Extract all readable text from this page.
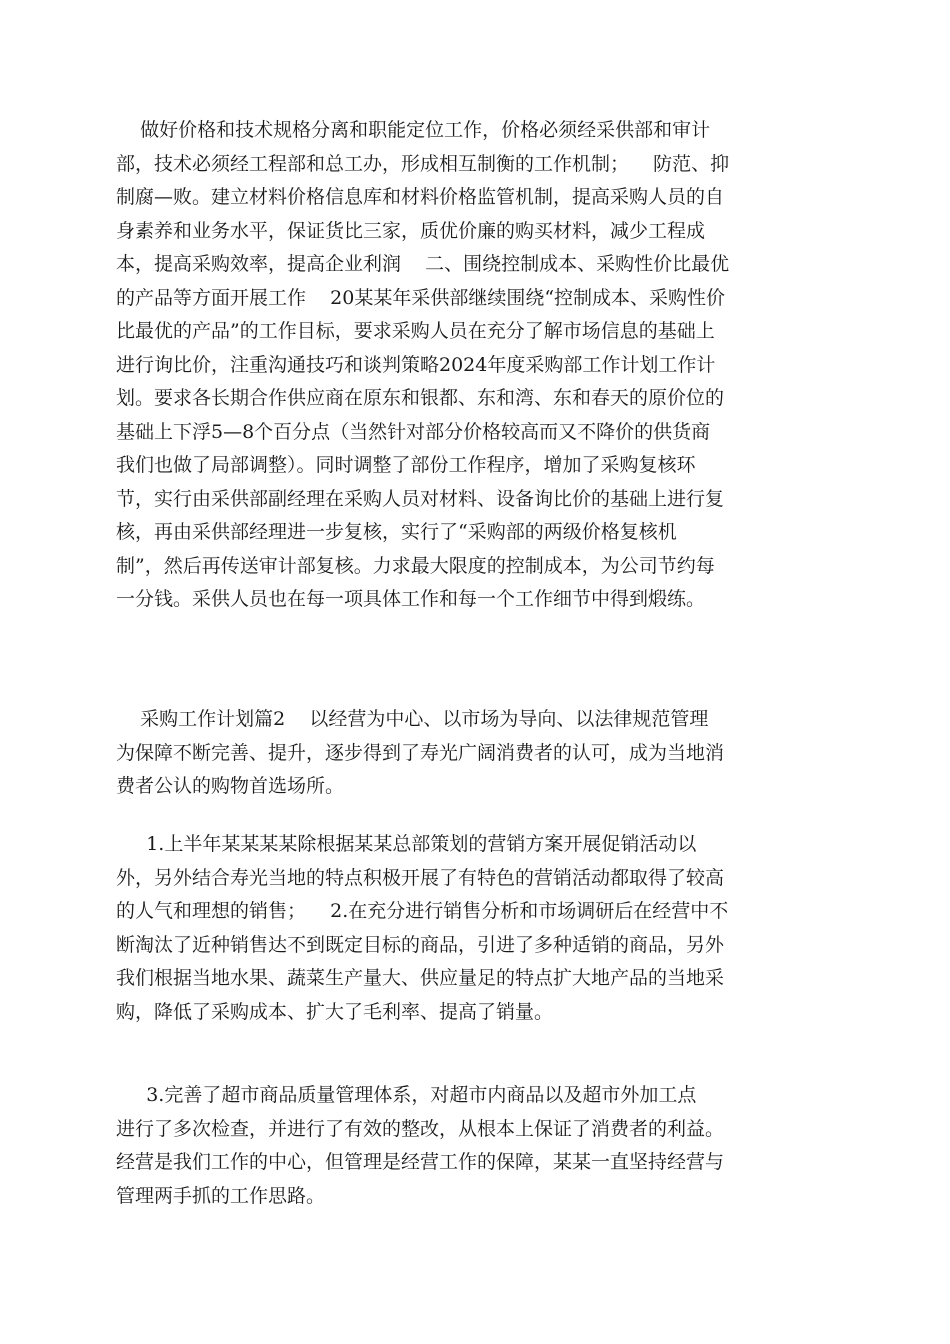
做好价格和技术规格分离和职能定位工作，价格必须经采供部和审计
部，技术必须经工程部和总工办，形成相互制衡的工作机制；    防范、抑
制腐—败。建立材料价格信息库和材料价格监管机制，提高采购人员的自
身素养和业务水平，保证货比三家，质优价廉的购买材料，减少工程成
本，提高采购效率，提高企业利润    二、围绕控制成本、采购性价比最优
的产品等方面开展工作    20某某年采供部继续围绕“控制成本、采购性价
比最优的产品”的工作目标，要求采购人员在充分了解市场信息的基础上
进行询比价，注重沟通技巧和谈判策略2024年度采购部工作计划工作计
划。要求各长期合作供应商在原东和银都、东和湾、东和春天的原价位的
基础上下浮5—8个百分点（当然针对部分价格较高而又不降价的供货商
我们也做了局部调整）。同时调整了部份工作程序，增加了采购复核环
节，实行由采供部副经理在采购人员对材料、设备询比价的基础上进行复
核，再由采供部经理进一步复核，实行了“采购部的两级价格复核机
制”，然后再传送审计部复核。力求最大限度的控制成本，为公司节约每
一分钱。采供人员也在每一项具体工作和每一个工作细节中得到煅练。

采购工作计划篇2    以经营为中心、以市场为导向、以法律规范管理
为保障不断完善、提升，逐步得到了寿光广阔消费者的认可，成为当地消
费者公认的购物首选场所。

1.上半年某某某某除根据某某总部策划的营销方案开展促销活动以
外，另外结合寿光当地的特点积极开展了有特色的营销活动都取得了较高
的人气和理想的销售；    2.在充分进行销售分析和市场调研后在经营中不
断淘汰了近种销售达不到既定目标的商品，引进了多种适销的商品，另外
我们根据当地水果、蔬菜生产量大、供应量足的特点扩大地产品的当地采
购，降低了采购成本、扩大了毛利率、提高了销量。

3.完善了超市商品质量管理体系，对超市内商品以及超市外加工点
进行了多次检查，并进行了有效的整改，从根本上保证了消费者的利益。
经营是我们工作的中心，但管理是经营工作的保障，某某一直坚持经营与
管理两手抓的工作思路。
